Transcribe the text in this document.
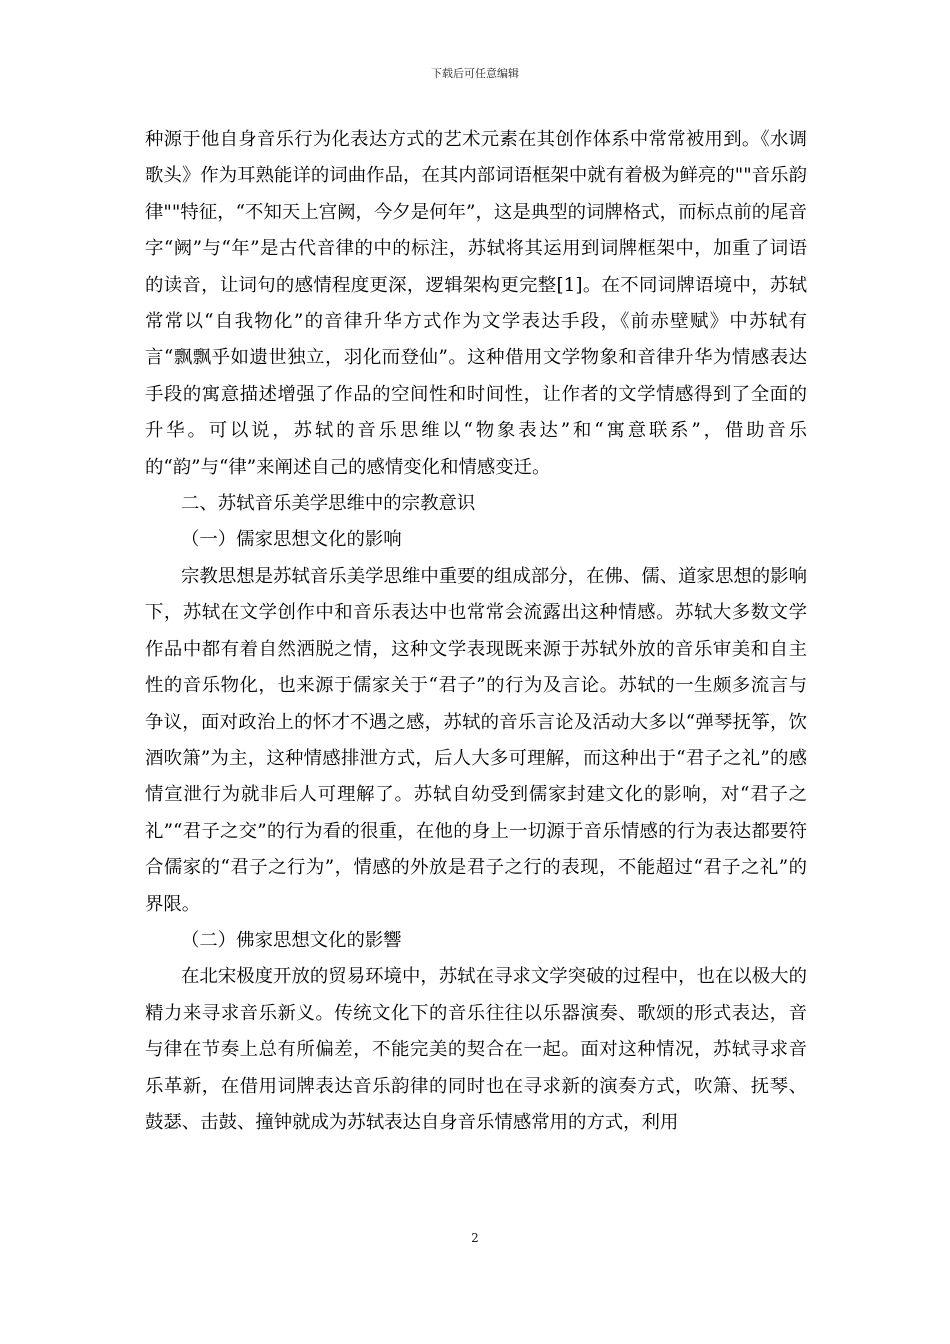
下载后可任意编辑

种源于他自身音乐行为化表达方式的艺术元素在其创作体系中常常被用到。《水调歌头》作为耳熟能详的词曲作品，在其内部词语框架中就有着极为鲜亮的""音乐韵律""特征，“不知天上宫阙，今夕是何年”，这是典型的词牌格式，而标点前的尾音字“阙”与“年”是古代音律的中的标注，苏轼将其运用到词牌框架中，加重了词语的读音，让词句的感情程度更深，逻辑架构更完整[1]。在不同词牌语境中，苏轼常常以“自我物化”的音律升华方式作为文学表达手段，《前赤壁赋》中苏轼有言“飘飘乎如遗世独立，羽化而登仙”。这种借用文学物象和音律升华为情感表达手段的寓意描述增强了作品的空间性和时间性，让作者的文学情感得到了全面的升华。可以说，苏轼的音乐思维以“物象表达”和“寓意联系”，借助音乐的“韵”与“律”来阐述自己的感情变化和情感变迁。

二、苏轼音乐美学思维中的宗教意识

（一）儒家思想文化的影响

宗教思想是苏轼音乐美学思维中重要的组成部分，在佛、儒、道家思想的影响下，苏轼在文学创作中和音乐表达中也常常会流露出这种情感。苏轼大多数文学作品中都有着自然洒脱之情，这种文学表现既来源于苏轼外放的音乐审美和自主性的音乐物化，也来源于儒家关于“君子”的行为及言论。苏轼的一生颇多流言与争议，面对政治上的怀才不遇之感，苏轼的音乐言论及活动大多以“弹琴抚筝，饮酒吹箫”为主，这种情感排泄方式，后人大多可理解，而这种出于“君子之礼”的感情宣泄行为就非后人可理解了。苏轼自幼受到儒家封建文化的影响，对“君子之礼”“君子之交”的行为看的很重，在他的身上一切源于音乐情感的行为表达都要符合儒家的“君子之行为”，情感的外放是君子之行的表现，不能超过“君子之礼”的界限。

（二）佛家思想文化的影響

在北宋极度开放的贸易环境中，苏轼在寻求文学突破的过程中，也在以极大的精力来寻求音乐新义。传统文化下的音乐往往以乐器演奏、歌颂的形式表达，音与律在节奏上总有所偏差，不能完美的契合在一起。面对这种情况，苏轼寻求音乐革新，在借用词牌表达音乐韵律的同时也在寻求新的演奏方式，吹箫、抚琴、鼓瑟、击鼓、撞钟就成为苏轼表达自身音乐情感常用的方式，利用

2
